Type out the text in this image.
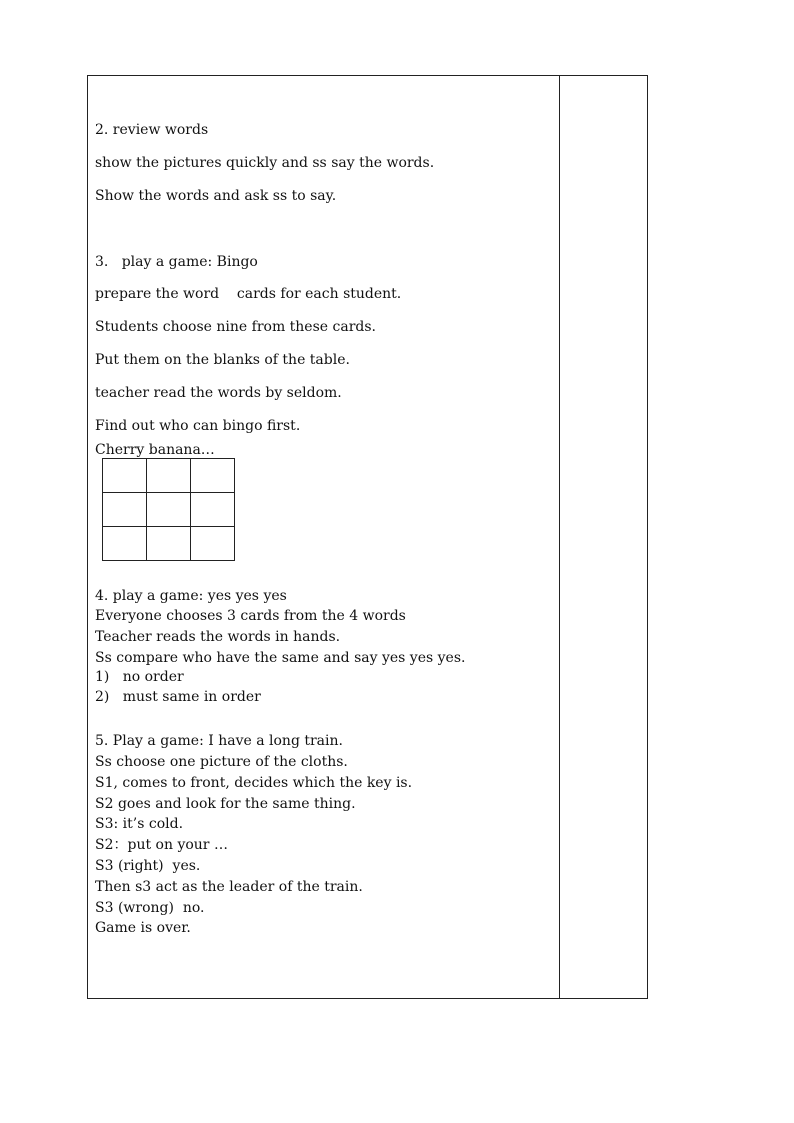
2. review words
show the pictures quickly and ss say the words.
Show the words and ask ss to say.
3.   play a game: Bingo
prepare the word    cards for each student.
Students choose nine from these cards.
Put them on the blanks of the table.
teacher read the words by seldom.
Find out who can bingo first.
Cherry banana…

4. play a game: yes yes yes
Everyone chooses 3 cards from the 4 words
Teacher reads the words in hands.
Ss compare who have the same and say yes yes yes.
1)   no order
2)   must same in order
5. Play a game: I have a long train.
Ss choose one picture of the cloths.
S1, comes to front, decides which the key is.
S2 goes and look for the same thing.
S3: it’s cold.
S2：put on your …
S3 (right)  yes.
Then s3 act as the leader of the train.
S3 (wrong)  no.
Game is over.
